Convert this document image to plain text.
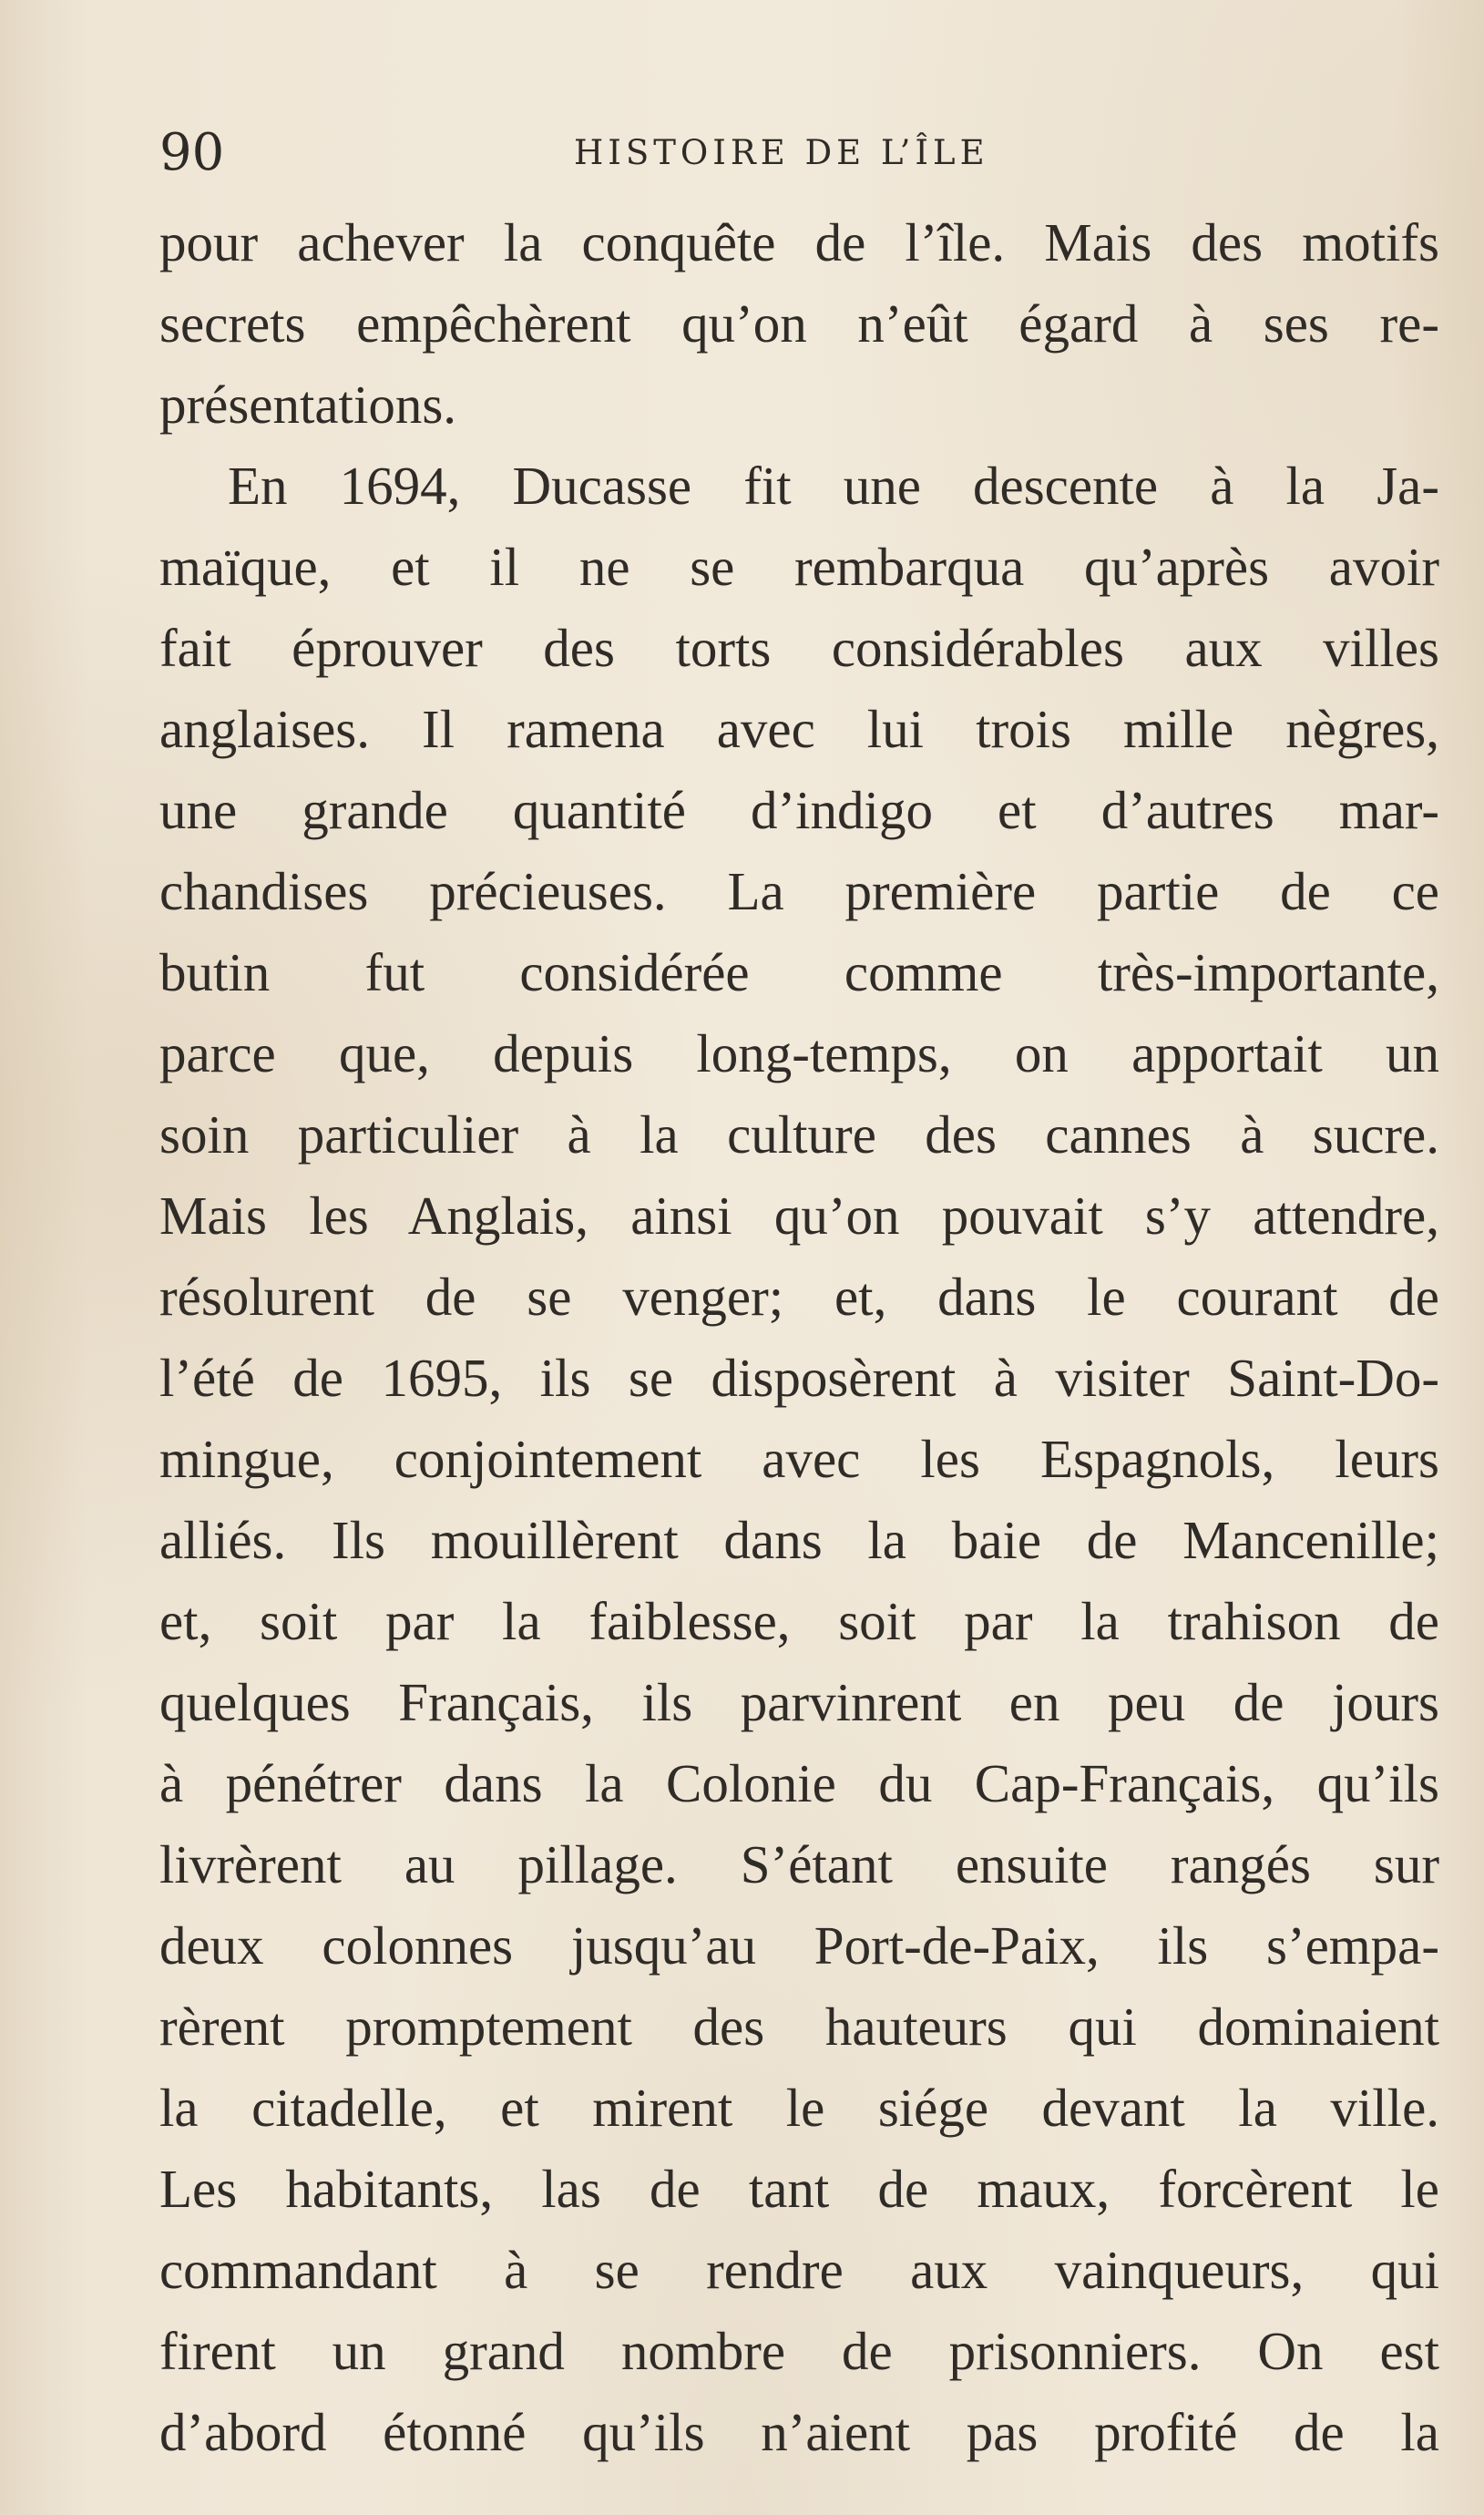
90	HISTOIRE DE L’ÎLE
pour achever la conquête de l’île. Mais des motifs
secrets empêchèrent qu’on n’eût égard à ses re-
présentations.
En 1694, Ducasse fit une descente à la Ja-
maïque, et il ne se rembarqua qu’après avoir
fait éprouver des torts considérables aux villes
anglaises. Il ramena avec lui trois mille nègres,
une grande quantité d’indigo et d’autres mar-
chandises précieuses. La première partie de ce
butin fut considérée comme très-importante,
parce que, depuis long-temps, on apportait un
soin particulier à la culture des cannes à sucre.
Mais les Anglais, ainsi qu’on pouvait s’y attendre,
résolurent de se venger; et, dans le courant de
l’été de 1695, ils se disposèrent à visiter Saint-Do-
mingue, conjointement avec les Espagnols, leurs
alliés. Ils mouillèrent dans la baie de Mancenille;
et, soit par la faiblesse, soit par la trahison de
quelques Français, ils parvinrent en peu de jours
à pénétrer dans la Colonie du Cap-Français, qu’ils
livrèrent au pillage. S’étant ensuite rangés sur
deux colonnes jusqu’au Port-de-Paix, ils s’empa-
rèrent promptement des hauteurs qui dominaient
la citadelle, et mirent le siége devant la ville.
Les habitants, las de tant de maux, forcèrent le
commandant à se rendre aux vainqueurs, qui
firent un grand nombre de prisonniers. On est
d’abord étonné qu’ils n’aient pas profité de la
